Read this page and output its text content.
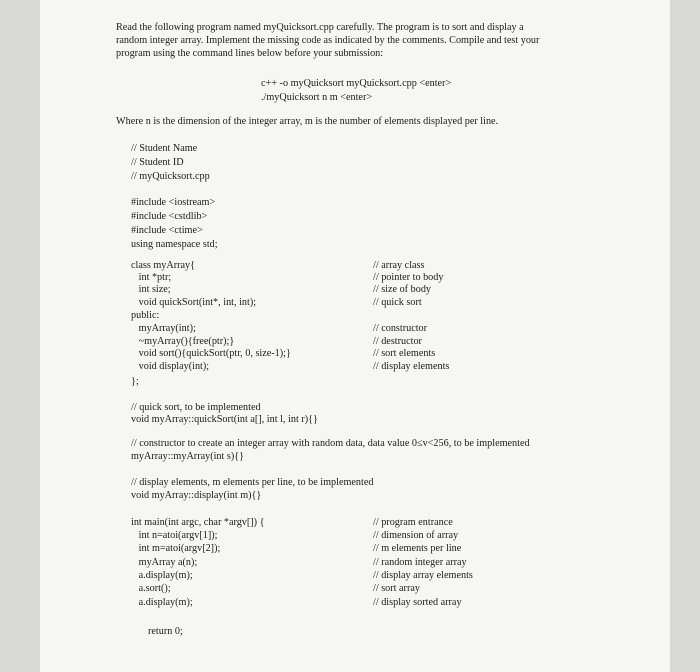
Read the following program named myQuicksort.cpp carefully. The program is to sort and display a
random integer array. Implement the missing code as indicated by the comments. Compile and test your
program using the command lines below before your submission:
c++ -o myQuicksort myQuicksort.cpp <enter>
./myQuicksort n m <enter>
Where n is the dimension of the integer array, m is the number of elements displayed per line.
// Student Name
// Student ID
// myQuicksort.cpp
#include <iostream>
#include <cstdlib>
#include <ctime>
using namespace std;
class myArray{	// array class
int *ptr;	// pointer to body
int size;	// size of body
void quickSort(int*, int, int);	// quick sort
public:
myArray(int);	// constructor
~myArray(){free(ptr);}	// destructor
void sort(){quickSort(ptr, 0, size-1);}	// sort elements
void display(int);	// display elements
};
// quick sort, to be implemented
void myArray::quickSort(int a[], int l, int r){}
// constructor to create an integer array with random data, data value 0≤v<256, to be implemented
myArray::myArray(int s){}
// display elements, m elements per line, to be implemented
void myArray::display(int m){}
int main(int argc, char *argv[]) {	// program entrance
int n=atoi(argv[1]);	// dimension of array
int m=atoi(argv[2]);	// m elements per line
myArray a(n);	// random integer array
a.display(m);	// display array elements
a.sort();	// sort array
a.display(m);	// display sorted array
return 0;
